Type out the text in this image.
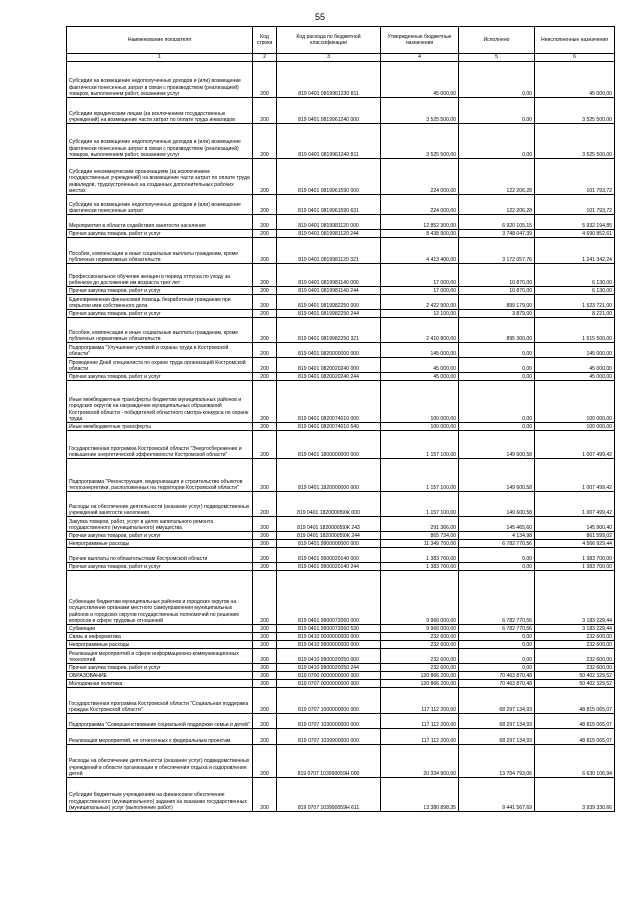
55
Наименование показателя	Код строки	Код расхода по бюджетной классификации	Утвержденные бюджетные назначения	Исполнено	Неисполненные назначения
1	2	3	4	5	6
Субсидии на возмещение недополученных доходов и (или) возмещение фактически понесенных затрат в связи с производством (реализацией) товаров, выполнением работ, оказанием услуг	200	819 0401 0819961230 811	45 000,00	0,00	45 000,00
Субсидии юридическим лицам (за исключением государственных учреждений) на возмещение части затрат по оплате труда инвалидов	200	819 0401 0819961240 000	3 525 500,00	0,00	3 525 500,00
Субсидии на возмещение недополученных доходов и (или) возмещение фактически понесенных затрат в связи с производством (реализацией) товаров, выполнением работ, оказанием услуг	200	819 0401 0819961240 811	3 525 500,00	0,00	3 525 500,00
Субсидии некоммерческим организациям (за исключением государственных учреждений) на возмещение части затрат по оплате труда инвалидов, трудоустроенных на созданных дополнительных рабочих местах	200	819 0401 0819961590 000	224 000,00	122 206,28	101 793,72
Субсидии на возмещение недополученных доходов и (или) возмещение фактически понесенных затрат	200	819 0401 0819961590 631	224 000,00	122 206,28	101 793,72
Мероприятия в области содействия занятости населения	200	819 0401 0819981120 000	12 852 300,00	6 920 105,15	5 932 194,85
Прочая закупка товаров, работ и услуг	200	819 0401 0819981120 244	8 438 900,00	3 748 047,39	4 690 852,61
Пособия, компенсации и иные социальные выплаты гражданам, кроме публичных нормативных обязательств	200	819 0401 0819981120 321	4 413 400,00	3 172 057,76	1 241 342,24
Профессиональное обучение женщин в период отпуска по уходу за ребенком до достижения им возраста трех лет	200	819 0401 0819981140 000	17 000,00	10 870,00	6 130,00
Прочая закупка товаров, работ и услуг	200	819 0401 0819981140 244	17 000,00	10 870,00	6 130,00
Единовременная финансовая помощь безработным гражданам при открытии ими собственного дела	200	819 0401 0819982250 000	2 422 900,00	899 179,00	1 523 721,00
Прочая закупка товаров, работ и услуг	200	819 0401 0819982250 244	12 100,00	3 879,00	8 221,00
Пособия, компенсации и иные социальные выплаты гражданам, кроме публичных нормативных обязательств	200	819 0401 0819982250 321	2 410 800,00	895 300,00	1 515 500,00
Подпрограмма "Улучшение условий и охраны труда в Костромской области"	200	819 0401 0820000000 000	145 000,00	0,00	145 000,00
Проведение Дней специалиста по охране труда организаций Костромской области	200	819 0401 0820020240 000	45 000,00	0,00	45 000,00
Прочая закупка товаров, работ и услуг	200	819 0401 0820020240 244	45 000,00	0,00	45 000,00
Иные межбюджетные трансферты бюджетам муниципальных районов и городских округов на награждение муниципальных образований Костромской области - победителей областного смотра-конкурса по охране труда	200	819 0401 0820074010 000	100 000,00	0,00	100 000,00
Иные межбюджетные трансферты	200	819 0401 0820074010 540	100 000,00	0,00	100 000,00
Государственная программа Костромской области "Энергосбережение и повышение энергетической эффективности Костромской области"	200	819 0401 1800000000 000	1 157 100,00	149 600,58	1 007 499,42
Подпрограмма "Реконструкция, модернизация и строительство объектов теплоэнергетики, расположенных на территории Костромской области"	200	819 0401 1820000000 000	1 157 100,00	149 600,58	1 007 499,42
Расходы на обеспечение деятельности (оказание услуг) подведомственных учреждений занятости населения	200	819 0401 182000059Ж 000	1 157 100,00	149 600,58	1 007 499,42
Закупка товаров, работ, услуг в целях капитального ремонта государственного (муниципального) имущества	200	819 0401 182000059Ж 243	291 366,00	145 465,60	145 900,40
Прочая закупка товаров, работ и услуг	200	819 0401 182000059Ж 244	865 734,00	4 134,98	861 599,02
Непрограммные расходы	200	819 0401 9900000000 000	11 349 700,00	6 782 770,56	4 566 929,44
Прочие выплаты по обязательствам Костромской области	200	819 0401 9900020140 000	1 383 700,00	0,00	1 383 700,00
Прочая закупка товаров, работ и услуг	200	819 0401 9900020140 244	1 383 700,00	0,00	1 383 700,00
Субвенции бюджетам муниципальных районов и городских округов на осуществление органами местного самоуправления муниципальных районов и городских округов государственных полномочий по решению вопросов в сфере трудовых отношений	200	819 0401 9900072060 000	9 966 000,00	6 782 770,56	3 183 229,44
Субвенции	200	819 0401 9900072060 530	9 966 000,00	6 782 770,56	3 183 229,44
Связь и информатика	200	819 0410 0000000000 000	232 600,00	0,00	232 600,00
Непрограммные расходы	200	819 0410 9900000000 000	232 600,00	0,00	232 600,00
Реализация мероприятий в сфере информационно-коммуникационных технологий	200	819 0410 9900020050 000	232 600,00	0,00	232 600,00
Прочая закупка товаров, работ и услуг	200	819 0410 9900020050 244	232 600,00	0,00	232 600,00
ОБРАЗОВАНИЕ	200	819 0700 0000000000 000	120 866 200,00	70 463 870,48	50 402 329,52
Молодежная политика	200	819 0707 0000000000 000	120 866 200,00	70 463 870,48	50 402 329,52
Государственная программа Костромской области "Социальная поддержка граждан Костромской области"	200	819 0707 1000000000 000	117 112 200,00	68 297 134,93	48 815 065,07
Подпрограмма "Совершенствование социальной поддержки семьи и детей"	200	819 0707 1030000000 000	117 112 200,00	68 297 134,93	48 815 065,07
Реализация мероприятий, не отнесенных к федеральным проектам	200	819 0707 1039900000 000	117 112 200,00	68 297 134,93	48 815 065,07
Расходы на обеспечение деятельности (оказание услуг) подведомственных учреждений в области организации и обеспечения отдыха и оздоровления детей	200	819 0707 103990059Н 000	20 334 900,00	13 704 793,06	6 630 106,94
Субсидии бюджетным учреждениям на финансовое обеспечение государственного (муниципального) задания на оказание государственных (муниципальных) услуг (выполнение работ)	200	819 0707 103990059Н 611	13 380 898,35	9 441 567,69	3 939 330,66
